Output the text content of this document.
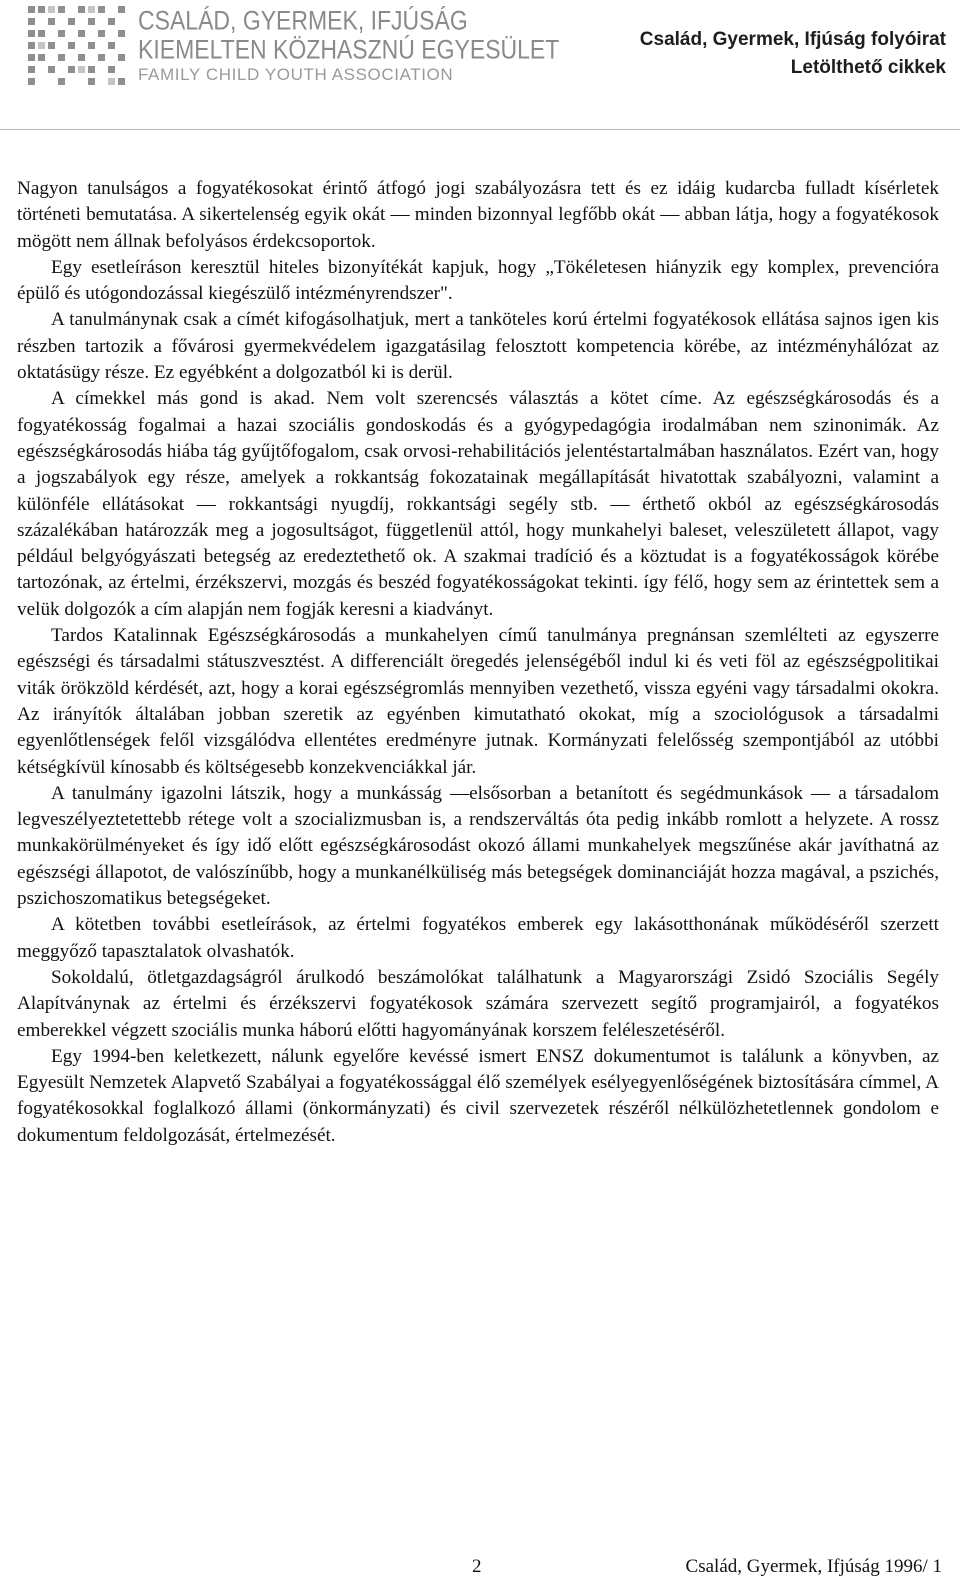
CSALÁD, GYERMEK, IFJÚSÁG
KIEMELTEN KÖZHASZNÚ EGYESÜLET
FAMILY CHILD YOUTH ASSOCIATION
Család, Gyermek, Ifjúság folyóirat
Letölthető cikkek

Nagyon tanulságos a fogyatékosokat érintő átfogó jogi szabályozásra tett és ez idáig kudarcba fulladt kísérletek történeti bemutatása. A sikertelenség egyik okát — minden bizonnyal legfőbb okát — abban látja, hogy a fogyatékosok mögött nem állnak befolyásos érdekcsoportok.

Egy esetleíráson keresztül hiteles bizonyítékát kapjuk, hogy „Tökéletesen hiányzik egy komplex, prevencióra épülő és utógondozással kiegészülő intézményrendszer".

A tanulmánynak csak a címét kifogásolhatjuk, mert a tanköteles korú értelmi fogyatékosok ellátása sajnos igen kis részben tartozik a fővárosi gyermekvédelem igazgatásilag felosztott kompetencia körébe, az intézményhálózat az oktatásügy része. Ez egyébként a dolgozatból ki is derül.

A címekkel más gond is akad. Nem volt szerencsés választás a kötet címe. Az egészségkárosodás és a fogyatékosság fogalmai a hazai szociális gondoskodás és a gyógypedagógia irodalmában nem szinonimák. Az egészségkárosodás hiába tág gyűjtőfogalom, csak orvosi-rehabilitációs jelentéstartalmában használatos. Ezért van, hogy a jogszabályok egy része, amelyek a rokkantság fokozatainak megállapítását hivatottak szabályozni, valamint a különféle ellátásokat — rokkantsági nyugdíj, rokkantsági segély stb. — érthető okból az egészségkárosodás százalékában határozzák meg a jogosultságot, függetlenül attól, hogy munkahelyi baleset, veleszületett állapot, vagy például belgyógyászati betegség az eredeztethető ok. A szakmai tradíció és a köztudat is a fogyatékosságok körébe tartozónak, az értelmi, érzékszervi, mozgás és beszéd fogyatékosságokat tekinti. így félő, hogy sem az érintettek sem a velük dolgozók a cím alapján nem fogják keresni a kiadványt.

Tardos Katalinnak Egészségkárosodás a munkahelyen című tanulmánya pregnánsan szemlélteti az egyszerre egészségi és társadalmi státuszvesztést. A differenciált öregedés jelenségéből indul ki és veti föl az egészségpolitikai viták örökzöld kérdését, azt, hogy a korai egészségromlás mennyiben vezethető, vissza egyéni vagy társadalmi okokra. Az irányítók általában jobban szeretik az egyénben kimutatható okokat, míg a szociológusok a társadalmi egyenlőtlenségek felől vizsgálódva ellentétes eredményre jutnak. Kormányzati felelősség szempontjából az utóbbi kétségkívül kínosabb és költségesebb konzekvenciákkal jár.

A tanulmány igazolni látszik, hogy a munkásság —elsősorban a betanított és segédmunkások — a társadalom legveszélyeztetettebb rétege volt a szocializmusban is, a rendszerváltás óta pedig inkább romlott a helyzete. A rossz munkakörülményeket és így idő előtt egészségkárosodást okozó állami munkahelyek megszűnése akár javíthatná az egészségi állapotot, de valószínűbb, hogy a munkanélküliség más betegségek dominanciáját hozza magával, a pszichés, pszichoszomatikus betegségeket.

A kötetben további esetleírások, az értelmi fogyatékos emberek egy lakásotthonának működéséről szerzett meggyőző tapasztalatok olvashatók.

Sokoldalú, ötletgazdagságról árulkodó beszámolókat találhatunk a Magyarországi Zsidó Szociális Segély Alapítványnak az értelmi és érzékszervi fogyatékosok számára szervezett segítő programjairól, a fogyatékos emberekkel végzett szociális munka háború előtti hagyományának korszem feléleszetéséről.

Egy 1994-ben keletkezett, nálunk egyelőre kevéssé ismert ENSZ dokumentumot is találunk a könyvben, az Egyesült Nemzetek Alapvető Szabályai a fogyatékossággal élő személyek esélyegyenlőségének biztosítására címmel, A fogyatékosokkal foglalkozó állami (önkormányzati) és civil szervezetek részéről nélkülözhetetlennek gondolom e dokumentum feldolgozását, értelmezését.

2	Család, Gyermek, Ifjúság 1996/ 1
